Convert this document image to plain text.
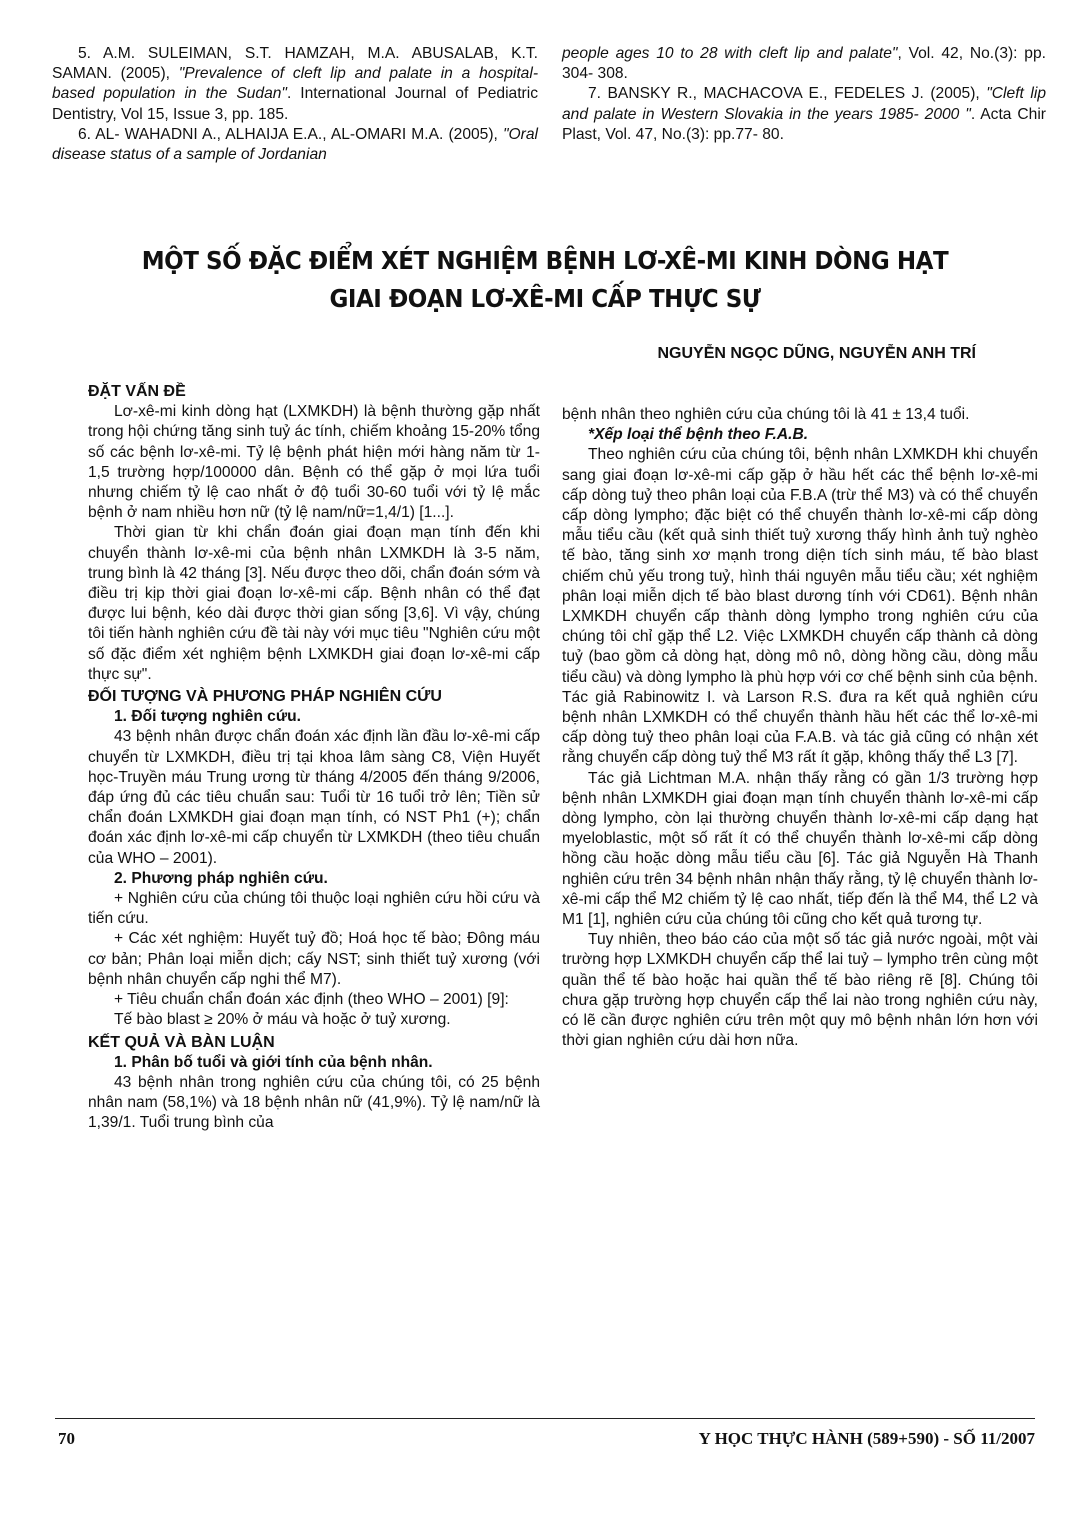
5. A.M. SULEIMAN, S.T. HAMZAH, M.A. ABUSALAB, K.T. SAMAN. (2005), "Prevalence of cleft lip and palate in a hospital- based population in the Sudan". International Journal of Pediatric Dentistry, Vol 15, Issue 3, pp. 185.

6. AL- WAHADNI A., ALHAIJA E.A., AL-OMARI M.A. (2005), "Oral disease status of a sample of Jordanian

people ages 10 to 28 with cleft lip and palate", Vol. 42, No.(3): pp. 304- 308.

7. BANSKY R., MACHACOVA E., FEDELES J. (2005), "Cleft lip and palate in Western Slovakia in the years 1985- 2000 ". Acta Chir Plast, Vol. 47, No.(3): pp.77- 80.

MỘT SỐ ĐẶC ĐIỂM XÉT NGHIỆM BỆNH LƠ-XÊ-MI KINH DÒNG HẠT
GIAI ĐOẠN LƠ-XÊ-MI CẤP THỰC SỰ
NGUYỄN NGỌC DŨNG, NGUYỄN ANH TRÍ
ĐẶT VẤN ĐỀ

Lơ-xê-mi kinh dòng hạt (LXMKDH) là bệnh thường gặp nhất trong hội chứng tăng sinh tuỷ ác tính, chiếm khoảng 15-20% tổng số các bệnh lơ-xê-mi. Tỷ lệ bệnh phát hiện mới hàng năm từ 1-1,5 trường hợp/100000 dân. Bệnh có thể gặp ở mọi lứa tuổi nhưng chiếm tỷ lệ cao nhất ở độ tuổi 30-60 tuổi với tỷ lệ mắc bệnh ở nam nhiều hơn nữ (tỷ lệ nam/nữ=1,4/1) [1...].

Thời gian từ khi chẩn đoán giai đoạn mạn tính đến khi chuyển thành lơ-xê-mi của bệnh nhân LXMKDH là 3-5 năm, trung bình là 42 tháng [3]. Nếu được theo dõi, chẩn đoán sớm và điều trị kịp thời giai đoạn lơ-xê-mi cấp. Bệnh nhân có thể đạt được lui bệnh, kéo dài được thời gian sống [3,6]. Vì vậy, chúng tôi tiến hành nghiên cứu đề tài này với mục tiêu "Nghiên cứu một số đặc điểm xét nghiệm bệnh LXMKDH giai đoạn lơ-xê-mi cấp thực sự".

ĐỐI TƯỢNG VÀ PHƯƠNG PHÁP NGHIÊN CỨU
1. Đối tượng nghiên cứu.

43 bệnh nhân được chẩn đoán xác định lần đầu lơ-xê-mi cấp chuyển từ LXMKDH, điều trị tại khoa lâm sàng C8, Viện Huyết học-Truyền máu Trung ương từ tháng 4/2005 đến tháng 9/2006, đáp ứng đủ các tiêu chuẩn sau: Tuổi từ 16 tuổi trở lên; Tiền sử chẩn đoán LXMKDH giai đoạn mạn tính, có NST Ph1 (+); chẩn đoán xác định lơ-xê-mi cấp chuyển từ LXMKDH (theo tiêu chuẩn của WHO – 2001).

2. Phương pháp nghiên cứu.

+ Nghiên cứu của chúng tôi thuộc loại nghiên cứu hồi cứu và tiến cứu.

+ Các xét nghiệm: Huyết tuỷ đồ; Hoá học tế bào; Đông máu cơ bản; Phân loại miễn dịch; cấy NST; sinh thiết tuỷ xương (với bệnh nhân chuyển cấp nghi thể M7).

+ Tiêu chuẩn chẩn đoán xác định (theo WHO – 2001) [9]:

Tế bào blast ≥ 20% ở máu và hoặc ở tuỷ xương.

KẾT QUẢ VÀ BÀN LUẬN
1. Phân bố tuổi và giới tính của bệnh nhân.

43 bệnh nhân trong nghiên cứu của chúng tôi, có 25 bệnh nhân nam (58,1%) và 18 bệnh nhân nữ (41,9%). Tỷ lệ nam/nữ là 1,39/1. Tuổi trung bình của

bệnh nhân theo nghiên cứu của chúng tôi là 41 ± 13,4 tuổi.

*Xếp loại thể bệnh theo F.A.B.

Theo nghiên cứu của chúng tôi, bệnh nhân LXMKDH khi chuyển sang giai đoạn lơ-xê-mi cấp gặp ở hầu hết các thể bệnh lơ-xê-mi cấp dòng tuỷ theo phân loại của F.B.A (trừ thể M3) và có thể chuyển cấp dòng lympho; đặc biệt có thể chuyển thành lơ-xê-mi cấp dòng mẫu tiểu cầu (kết quả sinh thiết tuỷ xương thấy hình ảnh tuỷ nghèo tế bào, tăng sinh xơ mạnh trong diện tích sinh máu, tế bào blast chiếm chủ yếu trong tuỷ, hình thái nguyên mẫu tiểu cầu; xét nghiệm phân loại miễn dịch tế bào blast dương tính với CD61). Bệnh nhân LXMKDH chuyển cấp thành dòng lympho trong nghiên cứu của chúng tôi chỉ gặp thể L2. Việc LXMKDH chuyển cấp thành cả dòng tuỷ (bao gồm cả dòng hạt, dòng mô nô, dòng hồng cầu, dòng mẫu tiểu cầu) và dòng lympho là phù hợp với cơ chế bệnh sinh của bệnh. Tác giả Rabinowitz I. và Larson R.S. đưa ra kết quả nghiên cứu bệnh nhân LXMKDH có thể chuyển thành hầu hết các thể lơ-xê-mi cấp dòng tuỷ theo phân loại của F.A.B. và tác giả cũng có nhận xét rằng chuyển cấp dòng tuỷ thể M3 rất ít gặp, không thấy thể L3 [7].

Tác giả Lichtman M.A. nhận thấy rằng có gần 1/3 trường hợp bệnh nhân LXMKDH giai đoạn mạn tính chuyển thành lơ-xê-mi cấp dòng lympho, còn lại thường chuyển thành lơ-xê-mi cấp dạng hạt myeloblastic, một số rất ít có thể chuyển thành lơ-xê-mi cấp dòng hồng cầu hoặc dòng mẫu tiểu cầu [6]. Tác giả Nguyễn Hà Thanh nghiên cứu trên 34 bệnh nhân nhận thấy rằng, tỷ lệ chuyển thành lơ-xê-mi cấp thể M2 chiếm tỷ lệ cao nhất, tiếp đến là thể M4, thể L2 và M1 [1], nghiên cứu của chúng tôi cũng cho kết quả tương tự.

Tuy nhiên, theo báo cáo của một số tác giả nước ngoài, một vài trường hợp LXMKDH chuyển cấp thể lai tuỷ – lympho trên cùng một quần thể tế bào hoặc hai quần thể tế bào riêng rẽ [8]. Chúng tôi chưa gặp trường hợp chuyển cấp thể lai nào trong nghiên cứu này, có lẽ cần được nghiên cứu trên một quy mô bệnh nhân lớn hơn với thời gian nghiên cứu dài hơn nữa.

70	Y HỌC THỰC HÀNH (589+590) - SỐ 11/2007
